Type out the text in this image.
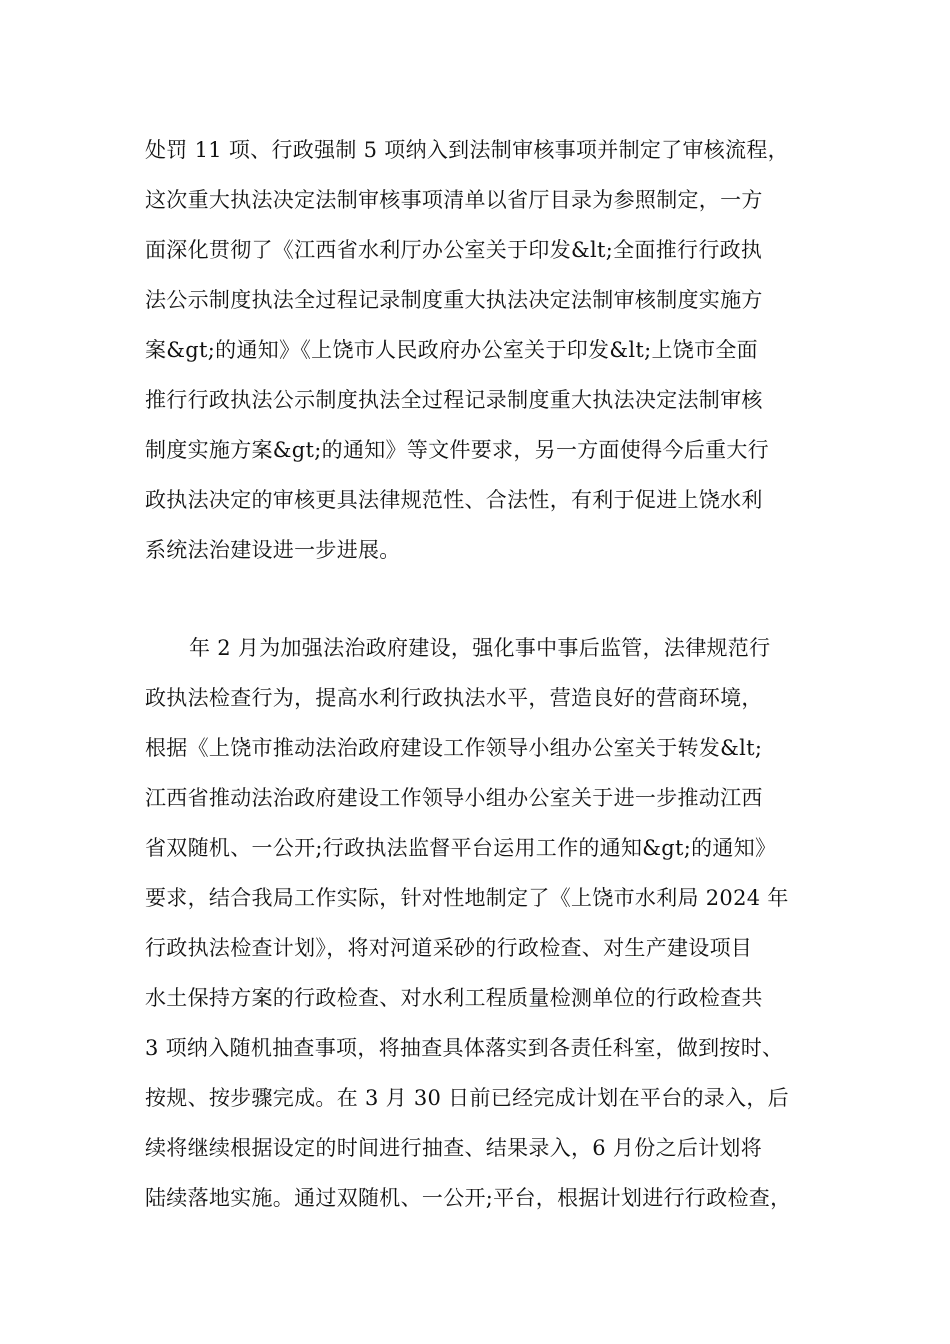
处罚 11 项、行政强制 5 项纳入到法制审核事项并制定了审核流程，
这次重大执法决定法制审核事项清单以省厅目录为参照制定，一方
面深化贯彻了《江西省水利厅办公室关于印发&lt;全面推行行政执
法公示制度执法全过程记录制度重大执法决定法制审核制度实施方
案&gt;的通知》《上饶市人民政府办公室关于印发&lt;上饶市全面
推行行政执法公示制度执法全过程记录制度重大执法决定法制审核
制度实施方案&gt;的通知》等文件要求，另一方面使得今后重大行
政执法决定的审核更具法律规范性、合法性，有利于促进上饶水利
系统法治建设进一步进展。
年 2 月为加强法治政府建设，强化事中事后监管，法律规范行
政执法检查行为，提高水利行政执法水平，营造良好的营商环境，
根据《上饶市推动法治政府建设工作领导小组办公室关于转发&lt;
江西省推动法治政府建设工作领导小组办公室关于进一步推动江西
省双随机、一公开;行政执法监督平台运用工作的通知&gt;的通知》
要求，结合我局工作实际，针对性地制定了《上饶市水利局 2024 年
行政执法检查计划》，将对河道采砂的行政检查、对生产建设项目
水土保持方案的行政检查、对水利工程质量检测单位的行政检查共
3 项纳入随机抽查事项，将抽查具体落实到各责任科室，做到按时、
按规、按步骤完成。在 3 月 30 日前已经完成计划在平台的录入，后
续将继续根据设定的时间进行抽查、结果录入，6 月份之后计划将
陆续落地实施。通过双随机、一公开;平台，根据计划进行行政检查，
